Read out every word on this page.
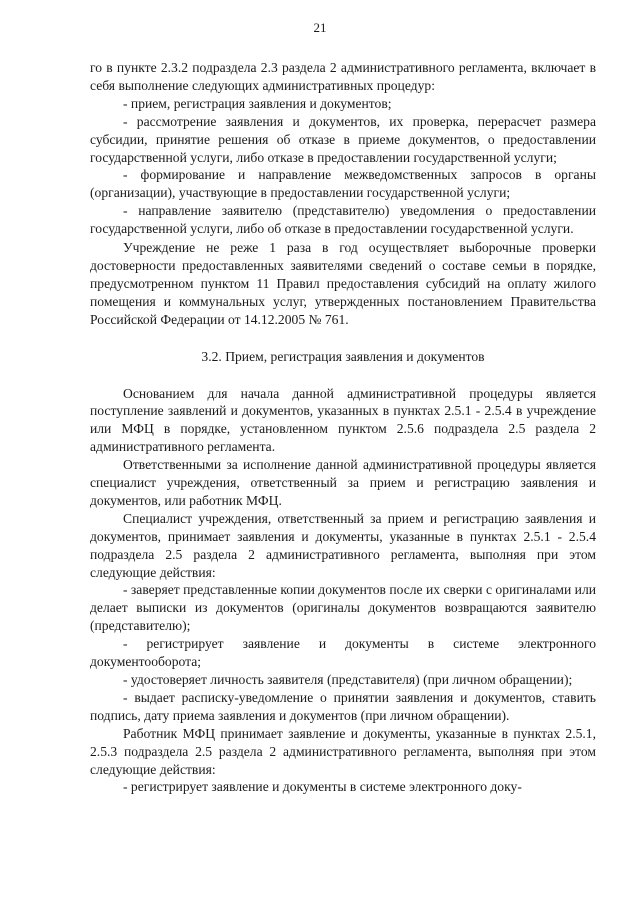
21

го в пункте 2.3.2 подраздела 2.3 раздела 2 административного регламента, включает в себя выполнение следующих административных процедур:

- прием, регистрация заявления и документов;

- рассмотрение заявления и документов, их проверка, перерасчет размера субсидии, принятие решения об отказе в приеме документов, о предоставлении государственной услуги, либо отказе в предоставлении государственной услуги;

- формирование и направление межведомственных запросов в органы (организации), участвующие в предоставлении государственной услуги;

- направление заявителю (представителю) уведомления о предоставлении государственной услуги, либо об отказе в предоставлении государственной услуги.

Учреждение не реже 1 раза в год осуществляет выборочные проверки достоверности предоставленных заявителями сведений о составе семьи в порядке, предусмотренном пунктом 11 Правил предоставления субсидий на оплату жилого помещения и коммунальных услуг, утвержденных постановлением Правительства Российской Федерации от 14.12.2005 № 761.

3.2. Прием, регистрация заявления и документов

Основанием для начала данной административной процедуры является поступление заявлений и документов, указанных в пунктах 2.5.1 - 2.5.4 в учреждение или МФЦ в порядке, установленном пунктом 2.5.6 подраздела 2.5 раздела 2 административного регламента.

Ответственными за исполнение данной административной процедуры является специалист учреждения, ответственный за прием и регистрацию заявления и документов, или работник МФЦ.

Специалист учреждения, ответственный за прием и регистрацию заявления и документов, принимает заявления и документы, указанные в пунктах 2.5.1 - 2.5.4 подраздела 2.5 раздела 2 административного регламента, выполняя при этом следующие действия:

- заверяет представленные копии документов после их сверки с оригиналами или делает выписки из документов (оригиналы документов возвращаются заявителю (представителю);

- регистрирует заявление и документы в системе электронного документооборота;

- удостоверяет личность заявителя (представителя) (при личном обращении);

- выдает расписку-уведомление о принятии заявления и документов, ставить подпись, дату приема заявления и документов (при личном обращении).

Работник МФЦ принимает заявление и документы, указанные в пунктах 2.5.1, 2.5.3 подраздела 2.5 раздела 2 административного регламента, выполняя при этом следующие действия:

- регистрирует заявление и документы в системе электронного доку-
